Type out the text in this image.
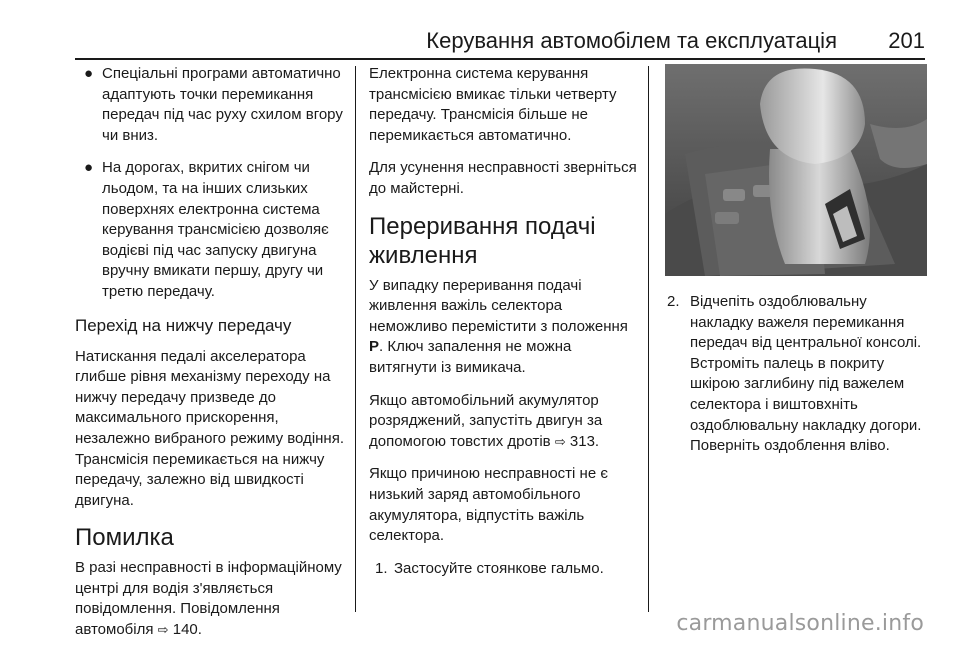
Керування автомобілем та експлуатація 201
● Спеціальні програми автоматично адаптують точки перемикання передач під час руху схилом вгору чи вниз.
● На дорогах, вкритих снігом чи льодом, та на інших слизьких поверхнях електронна система керування трансмісією дозволяє водієві під час запуску двигуна вручну вмикати першу, другу чи третю передачу.
Перехід на нижчу передачу

Натискання педалі акселератора глибше рівня механізму переходу на нижчу передачу призведе до максимального прискорення, незалежно вибраного режиму водіння. Трансмісія перемикається на нижчу передачу, залежно від швидкості двигуна.

Помилка

В разі несправності в інформаційному центрі для водія з'являється повідомлення. Повідомлення автомобіля ⇨ 140.

Електронна система керування трансмісією вмикає тільки четверту передачу. Трансмісія більше не перемикається автоматично.

Для усунення несправності зверніться до майстерні.

Переривання подачі живлення

У випадку переривання подачі живлення важіль селектора неможливо перемістити з положення P. Ключ запалення не можна витягнути із вимикача.

Якщо автомобільний акумулятор розряджений, запустіть двигун за допомогою товстих дротів ⇨ 313.

Якщо причиною несправності не є низький заряд автомобільного акумулятора, відпустіть важіль селектора.

1. Застосуйте стоянкове гальмо.
2. Відчепіть оздоблювальну накладку важеля перемикання передач від центральної консолі. Встроміть палець в покриту шкірою заглибину під важелем селектора і виштовхніть оздоблювальну накладку догори. Поверніть оздоблення вліво.
carmanualsonline.info
